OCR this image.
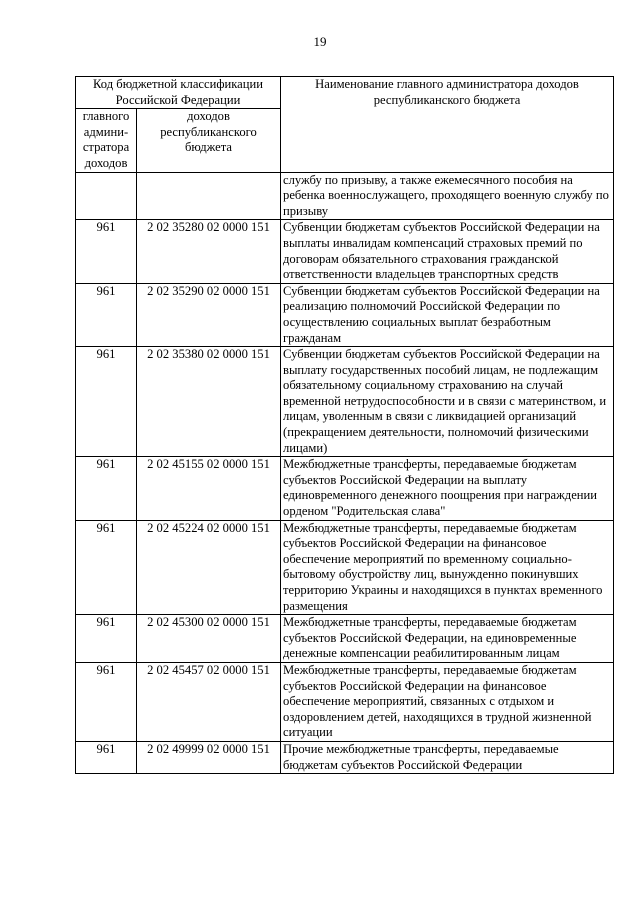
19
Код бюджетной классификации Российской Федерации		Наименование главного администратора доходов республиканского бюджета
главного админи-стратора доходов	доходов республиканского бюджета	
		службу по призыву, а также ежемесячного пособия на ребенка военнослужащего, проходящего военную службу по призыву
961	2 02 35280 02 0000 151	Субвенции бюджетам субъектов Российской Федерации на выплаты инвалидам компенсаций страховых премий по договорам обязательного страхования гражданской ответственности владельцев транспортных средств
961	2 02 35290 02 0000 151	Субвенции бюджетам субъектов Российской Федерации на реализацию полномочий Российской Федерации по осуществлению социальных выплат безработным гражданам
961	2 02 35380 02 0000 151	Субвенции бюджетам субъектов Российской Федерации на выплату государственных пособий лицам, не подлежащим обязательному социальному страхованию на случай временной нетрудоспособности и в связи с материнством, и лицам, уволенным в связи с ликвидацией организаций (прекращением деятельности, полномочий физическими лицами)
961	2 02 45155 02 0000 151	Межбюджетные трансферты, передаваемые бюджетам субъектов Российской Федерации на выплату единовременного денежного поощрения при награждении орденом "Родительская слава"
961	2 02 45224 02 0000 151	Межбюджетные трансферты, передаваемые бюджетам субъектов Российской Федерации на финансовое обеспечение мероприятий по временному социально-бытовому обустройству лиц, вынужденно покинувших территорию Украины и находящихся в пунктах временного размещения
961	2 02 45300 02 0000 151	Межбюджетные трансферты, передаваемые бюджетам субъектов Российской Федерации, на единовременные денежные компенсации реабилитированным лицам
961	2 02 45457 02 0000 151	Межбюджетные трансферты, передаваемые бюджетам субъектов Российской Федерации на финансовое обеспечение мероприятий, связанных с отдыхом и оздоровлением детей, находящихся в трудной жизненной ситуации
961	2 02 49999 02 0000 151	Прочие межбюджетные трансферты, передаваемые бюджетам субъектов Российской Федерации
